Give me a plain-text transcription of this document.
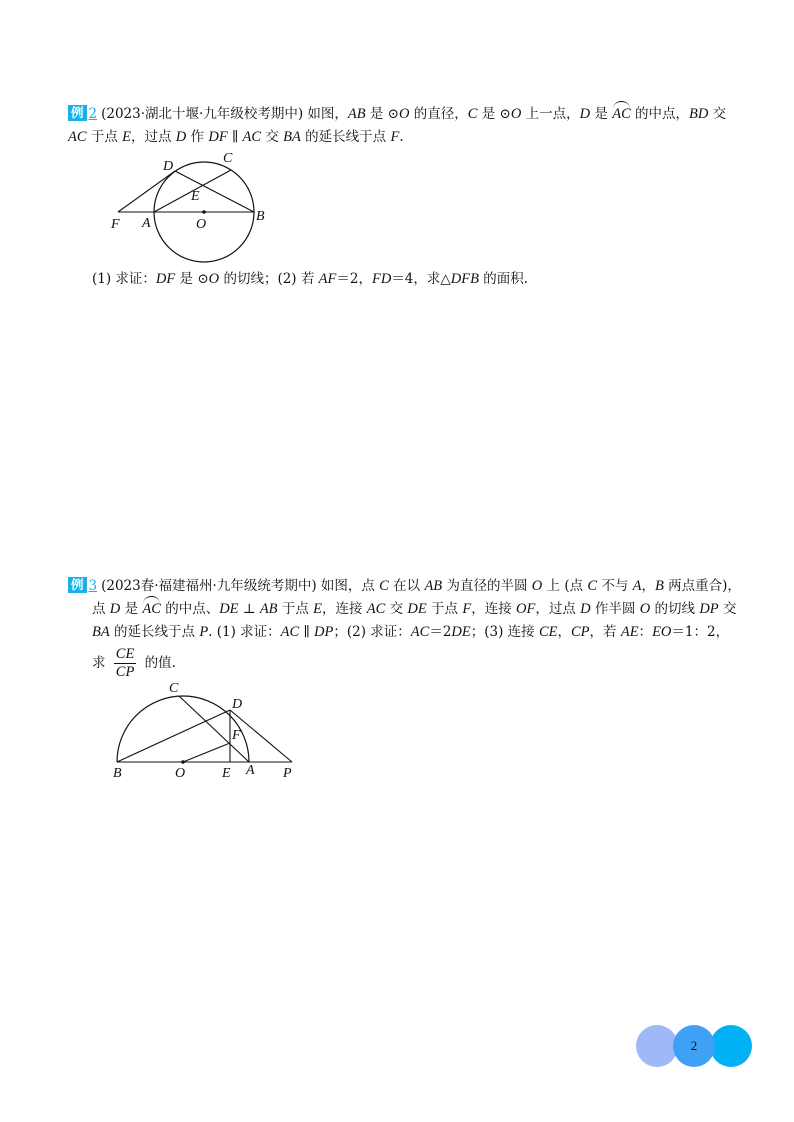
例 2 (2023·湖北十堰·九年级校考期中) 如图，AB 是 ⊙O 的直径，C 是 ⊙O 上一点，D 是 AC 的中点，BD 交
AC 于点 E，过点 D 作 DF ∥ AC 交 BA 的延长线于点 F.
D
C
E
F A	O
B
(1) 求证：DF 是 ⊙O 的切线；(2) 若 AF＝2，FD＝4，求△DFB 的面积.
例 3 (2023春·福建福州·九年级统考期中) 如图，点 C 在以 AB 为直径的半圆 O 上 (点 C 不与 A，B 两点重合)，
点 D 是 AC 的中点、DE ⊥ AB 于点 E，连接 AC 交 DE 于点 F，连接 OF，过点 D 作半圆 O 的切线 DP 交
BA 的延长线于点 P. (1) 求证：AC ∥ DP；(2) 求证：AC＝2DE；(3) 连接 CE，CP，若 AE：EO＝1：2，
求 $\frac{CE}{CP}$ 的值.
C
D
F
B	O	E A P
2
